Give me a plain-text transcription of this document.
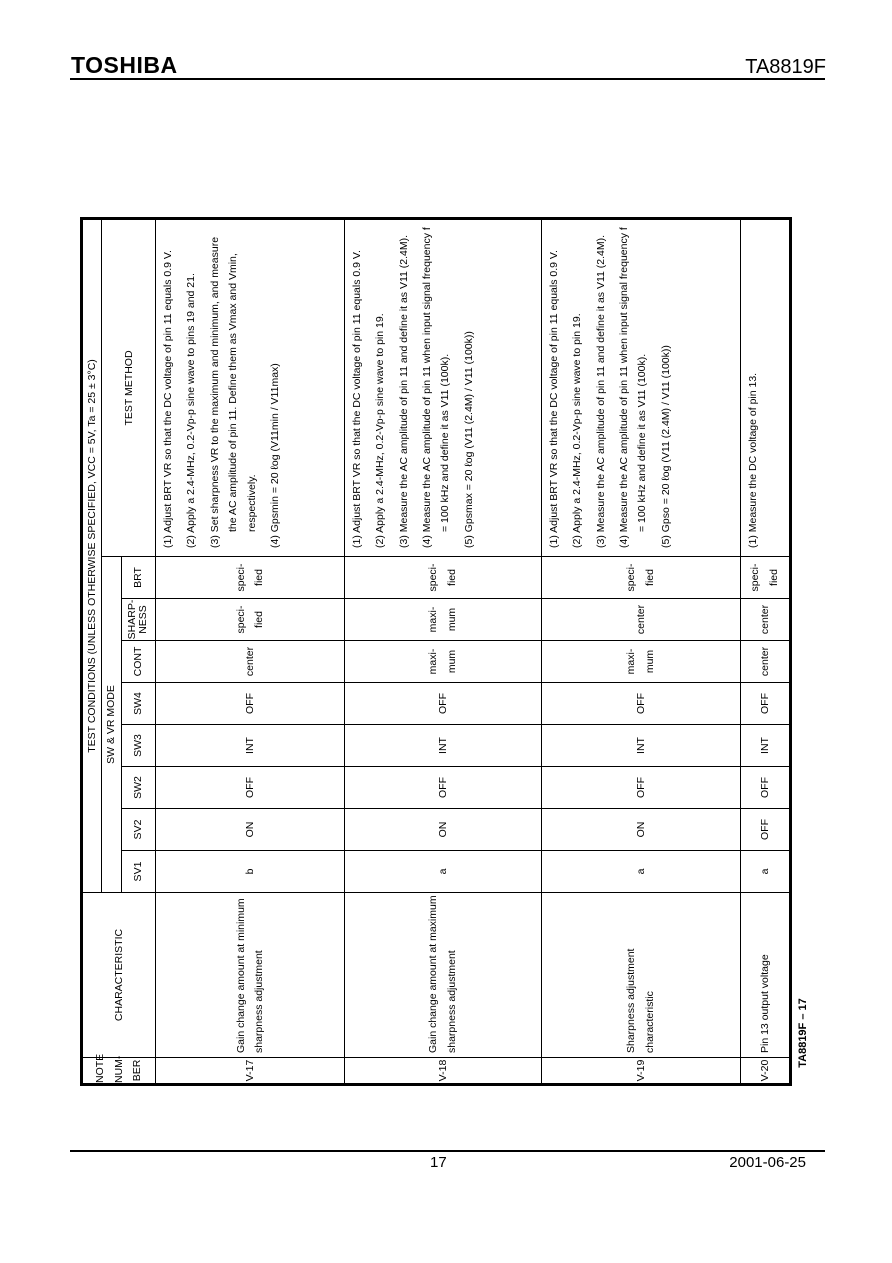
TOSHIBA	TA8819F
NOTE NUM- BER	CHARACTERISTIC	TEST CONDITIONS (UNLESS OTHERWISE SPECIFIED, VCC = 5V, Ta = 25 ± 3°C)								
		SW & VR MODE								TEST METHOD
		SV1	SV2	SW2	SW3	SW4	CONT	SHARP- NESS	BRT	
V-17	Gain change amount at minimum sharpness adjustment	b	ON	OFF	INT	OFF	center	speci- fied	speci- fied	(1) Adjust BRT VR so that the DC voltage of pin 11 equals 0.9 V. (2) Apply a 2.4-MHz, 0.2-Vp-p sine wave to pins 19 and 21. (3) Set sharpness VR to the maximum and minimum, and measure the AC amplitude of pin 11. Define them as Vmax and Vmin, respectively. (4) Gpsmin = 20 ℓog (V11min / V11max)

V-18	Gain change amount at maximum sharpness adjustment	a	ON	OFF	INT	OFF	maxi- mum	maxi- mum	speci- fied	(1) Adjust BRT VR so that the DC voltage of pin 11 equals 0.9 V. (2) Apply a 2.4-MHz, 0.2-Vp-p sine wave to pin 19. (3) Measure the AC amplitude of pin 11 and define it as V11 (2.4M). (4) Measure the AC amplitude of pin 11 when input signal frequency f = 100 kHz and define it as V11 (100k). (5) Gpsmax = 20 ℓog (V11 (2.4M) / V11 (100k))

V-19	Sharpness adjustment characteristic	a	ON	OFF	INT	OFF	maxi- mum	center	speci- fied	(1) Adjust BRT VR so that the DC voltage of pin 11 equals 0.9 V. (2) Apply a 2.4-MHz, 0.2-Vp-p sine wave to pin 19. (3) Measure the AC amplitude of pin 11 and define it as V11 (2.4M). (4) Measure the AC amplitude of pin 11 when input signal frequency f = 100 kHz and define it as V11 (100k). (5) Gpso = 20 ℓog (V11 (2.4M) / V11 (100k))

V-20	Pin 13 output voltage	a	OFF	OFF	INT	OFF	center	center	speci- fied	(1) Measure the DC voltage of pin 13.
TA8819F – 17
17	2001-06-25
